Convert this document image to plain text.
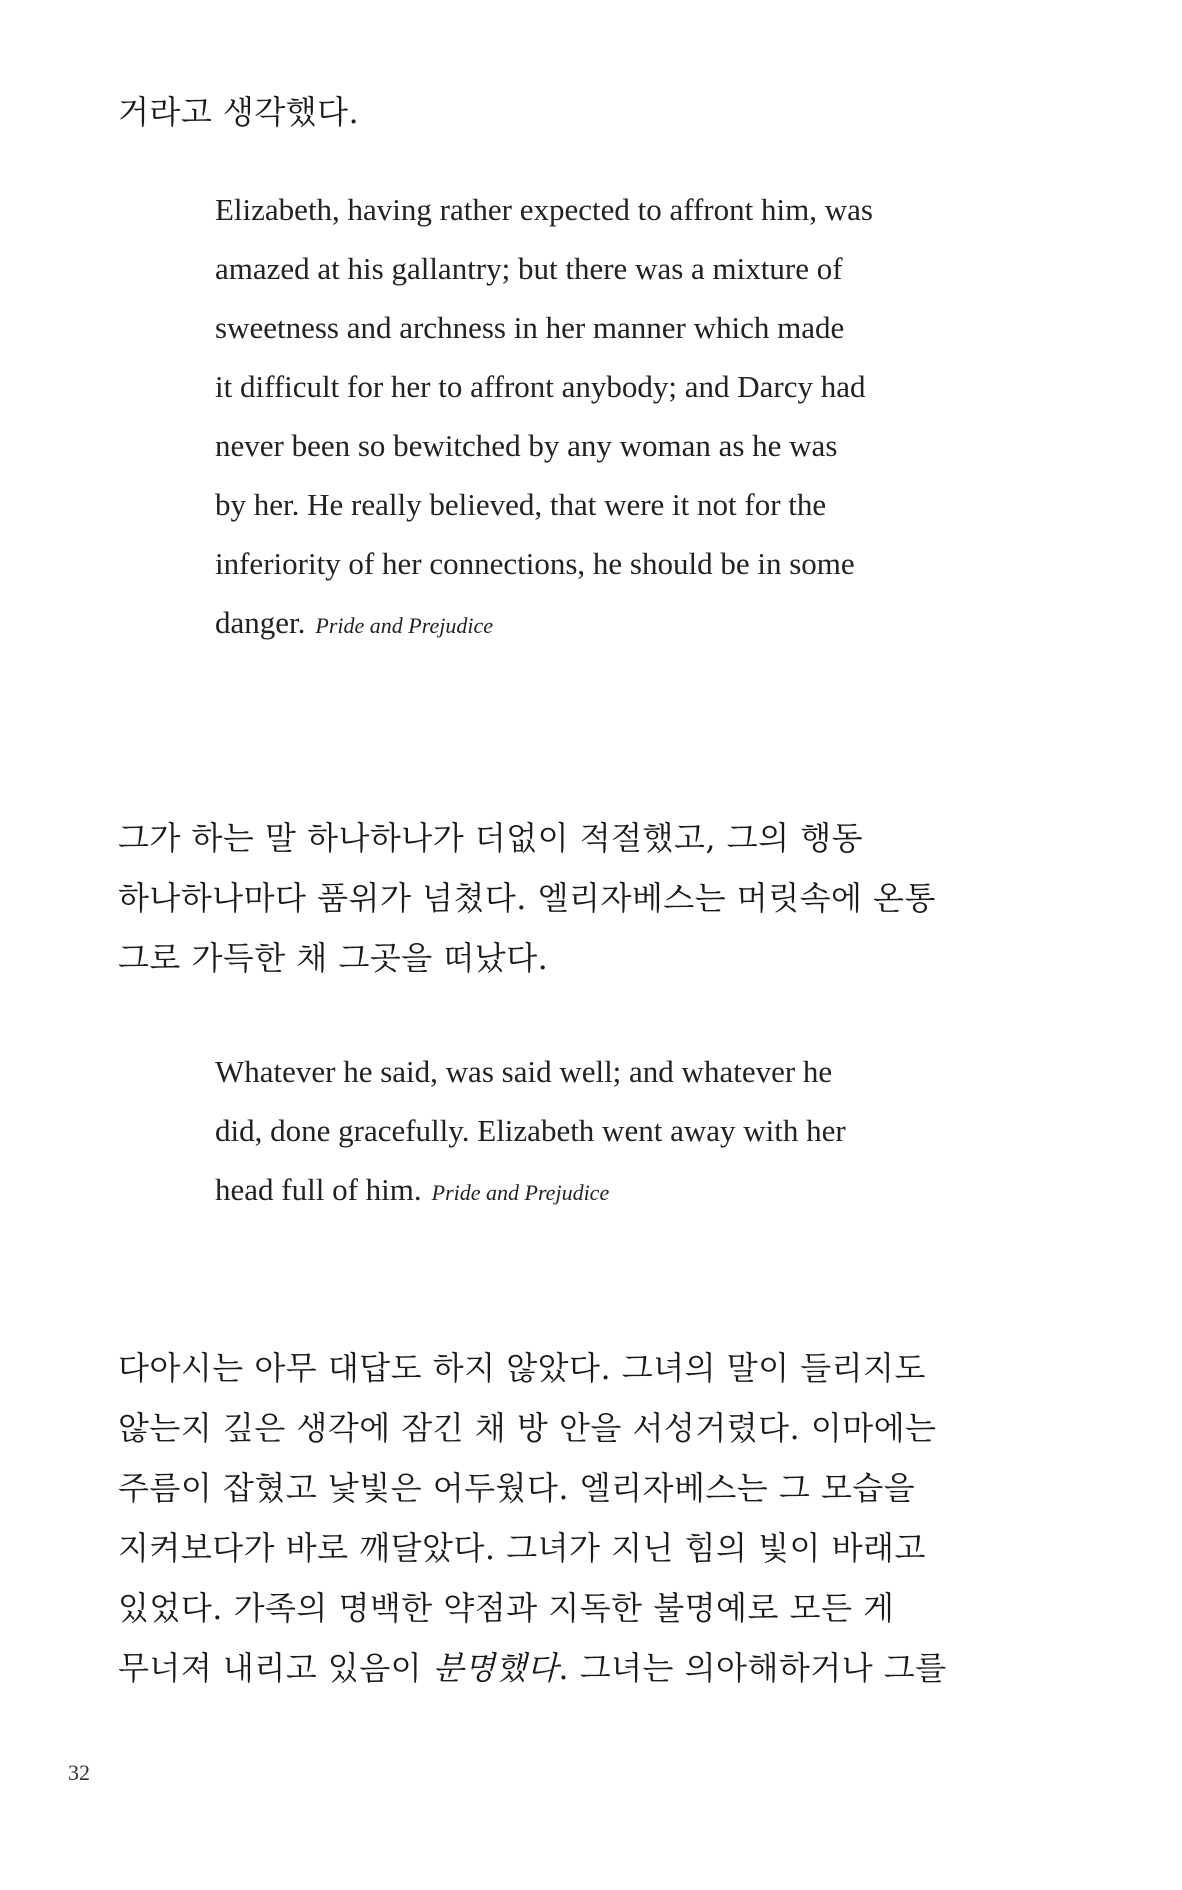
거라고 생각했다.

Elizabeth, having rather expected to affront him, was
amazed at his gallantry; but there was a mixture of
sweetness and archness in her manner which made
it difficult for her to affront anybody; and Darcy had
never been so bewitched by any woman as he was
by her. He really believed, that were it not for the
inferiority of her connections, he should be in some
danger. Pride and Prejudice

그가 하는 말 하나하나가 더없이 적절했고, 그의 행동
하나하나마다 품위가 넘쳤다. 엘리자베스는 머릿속에 온통
그로 가득한 채 그곳을 떠났다.

Whatever he said, was said well; and whatever he
did, done gracefully. Elizabeth went away with her
head full of him. Pride and Prejudice

다아시는 아무 대답도 하지 않았다. 그녀의 말이 들리지도
않는지 깊은 생각에 잠긴 채 방 안을 서성거렸다. 이마에는
주름이 잡혔고 낯빛은 어두웠다. 엘리자베스는 그 모습을
지켜보다가 바로 깨달았다. 그녀가 지닌 힘의 빛이 바래고
있었다. 가족의 명백한 약점과 지독한 불명예로 모든 게
무너져 내리고 있음이 분명했다. 그녀는 의아해하거나 그를

32
